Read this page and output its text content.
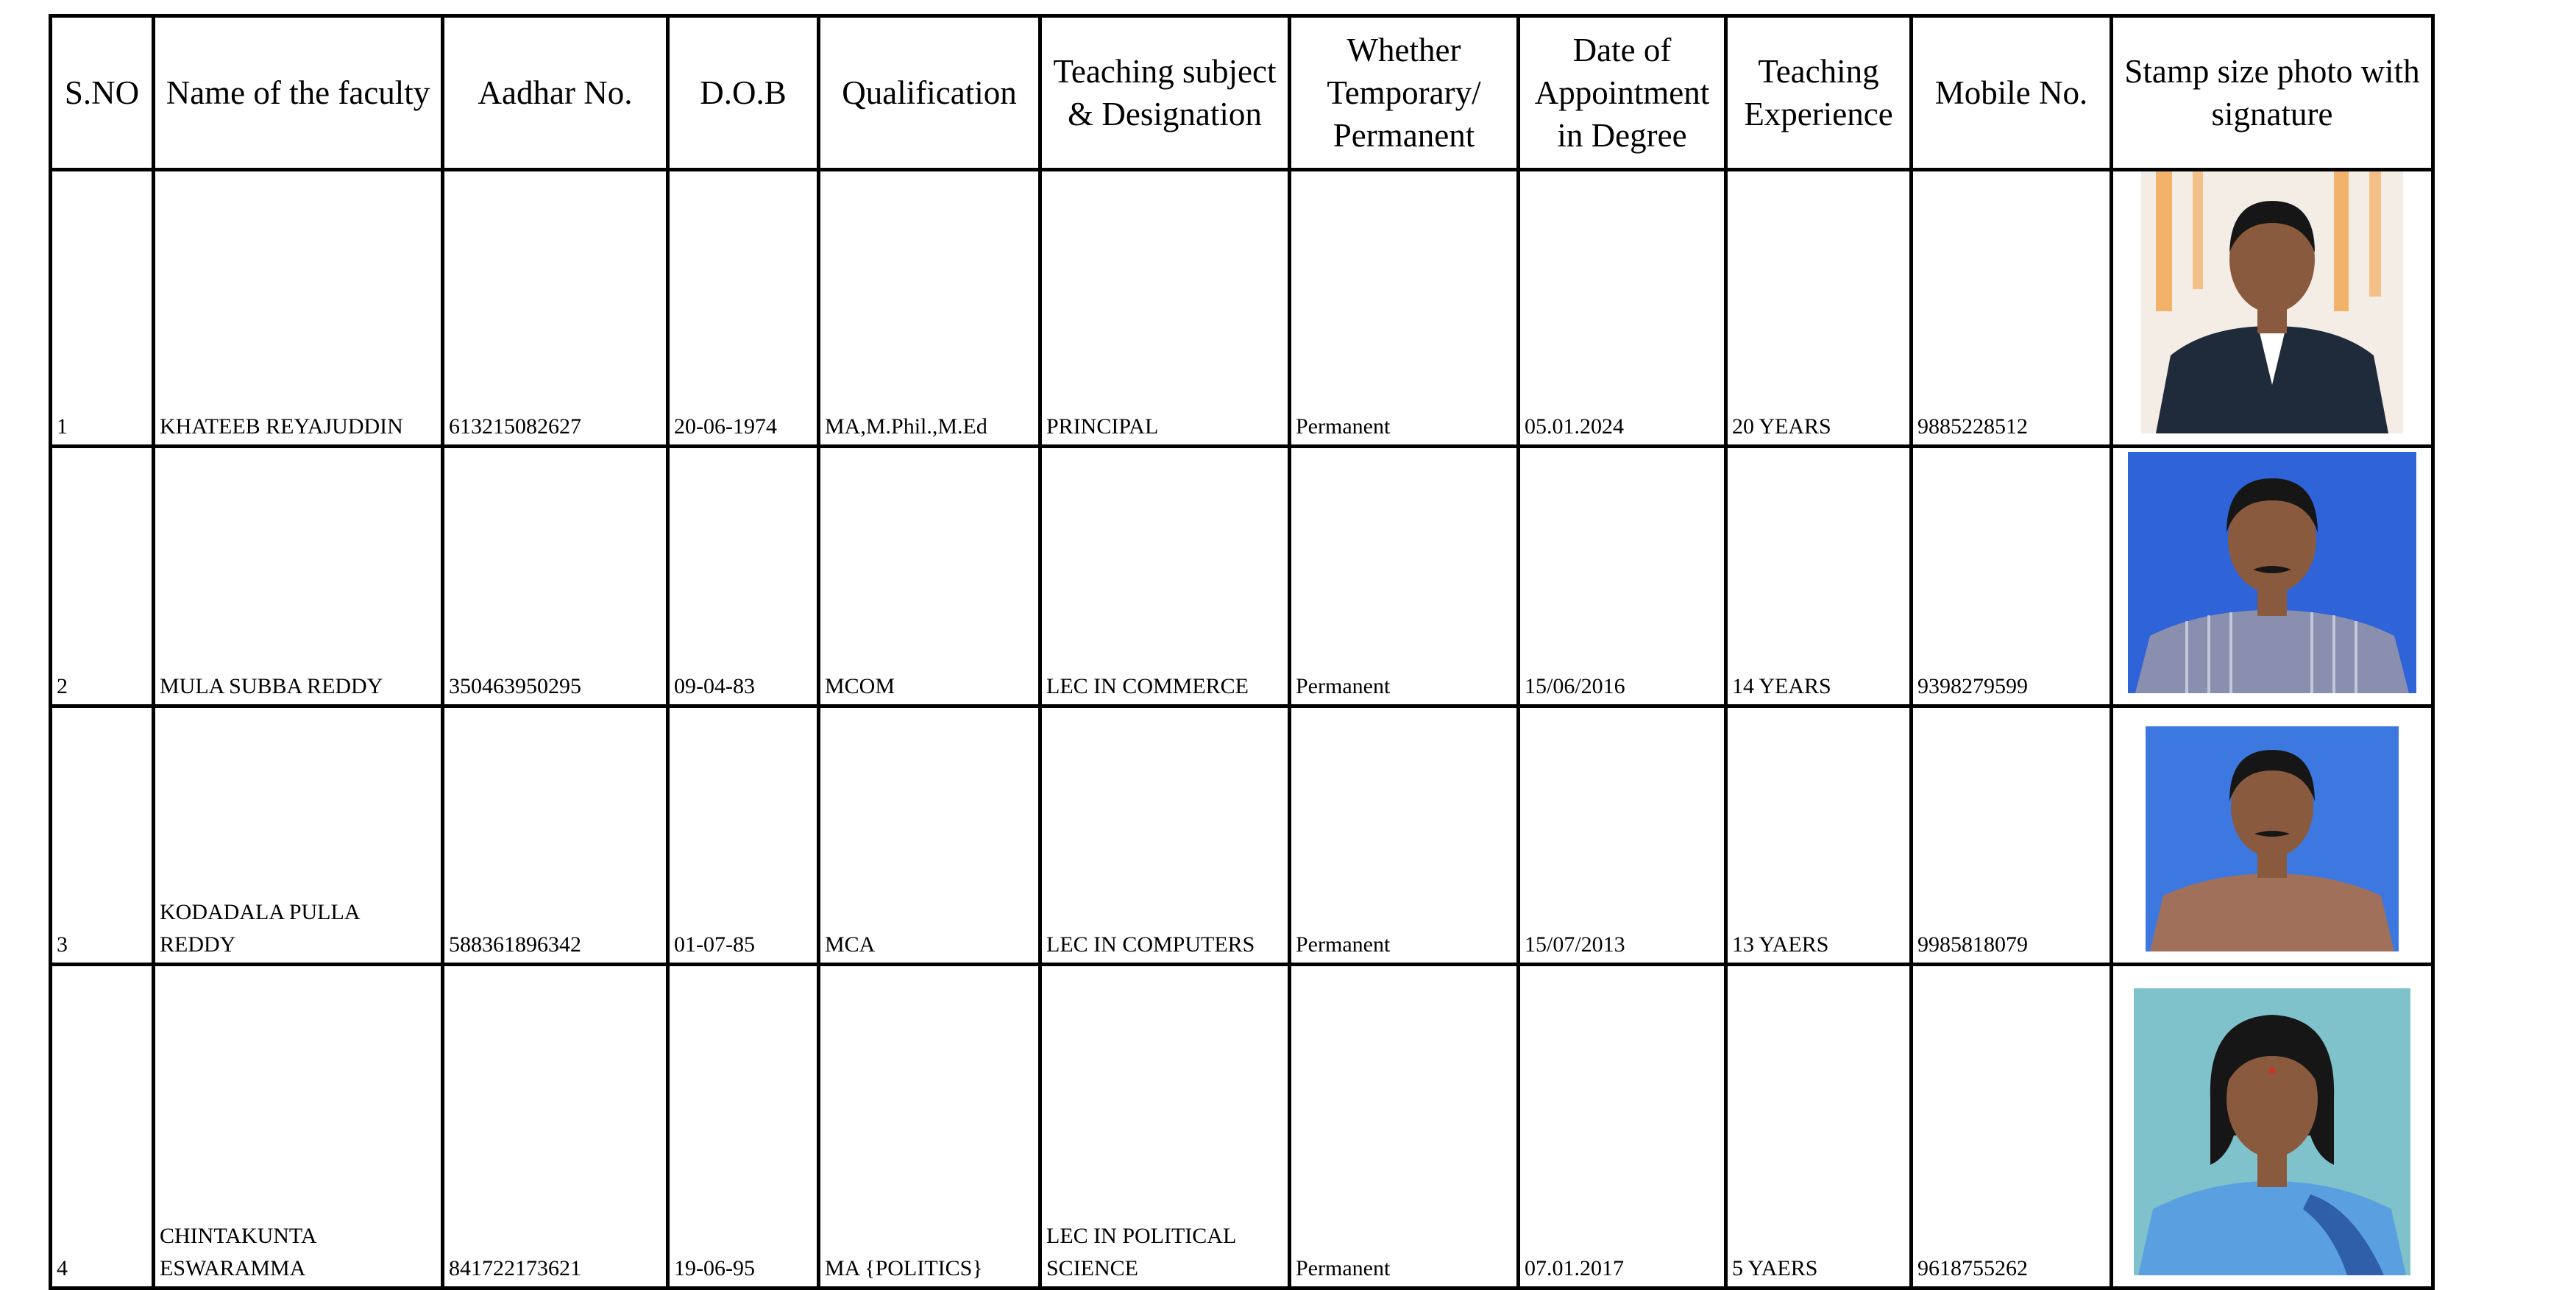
S.NO	Name of the faculty	Aadhar No.	D.O.B	Qualification	Teaching subject & Designation	Whether Temporary/ Permanent	Date of Appointment in Degree	Teaching Experience	Mobile No.	Stamp size photo with signature
1	KHATEEB REYAJUDDIN	613215082627	20-06-1974	MA,M.Phil.,M.Ed	PRINCIPAL	Permanent	05.01.2024	20 YEARS	9885228512	

2	MULA SUBBA REDDY	350463950295	09-04-83	MCOM	LEC IN COMMERCE	Permanent	15/06/2016	14 YEARS	9398279599	

3	KODADALA PULLA REDDY	588361896342	01-07-85	MCA	LEC IN COMPUTERS	Permanent	15/07/2013	13 YAERS	9985818079	

4	CHINTAKUNTA ESWARAMMA	841722173621	19-06-95	MA {POLITICS}	LEC IN POLITICAL SCIENCE	Permanent	07.01.2017	5 YAERS	9618755262	
